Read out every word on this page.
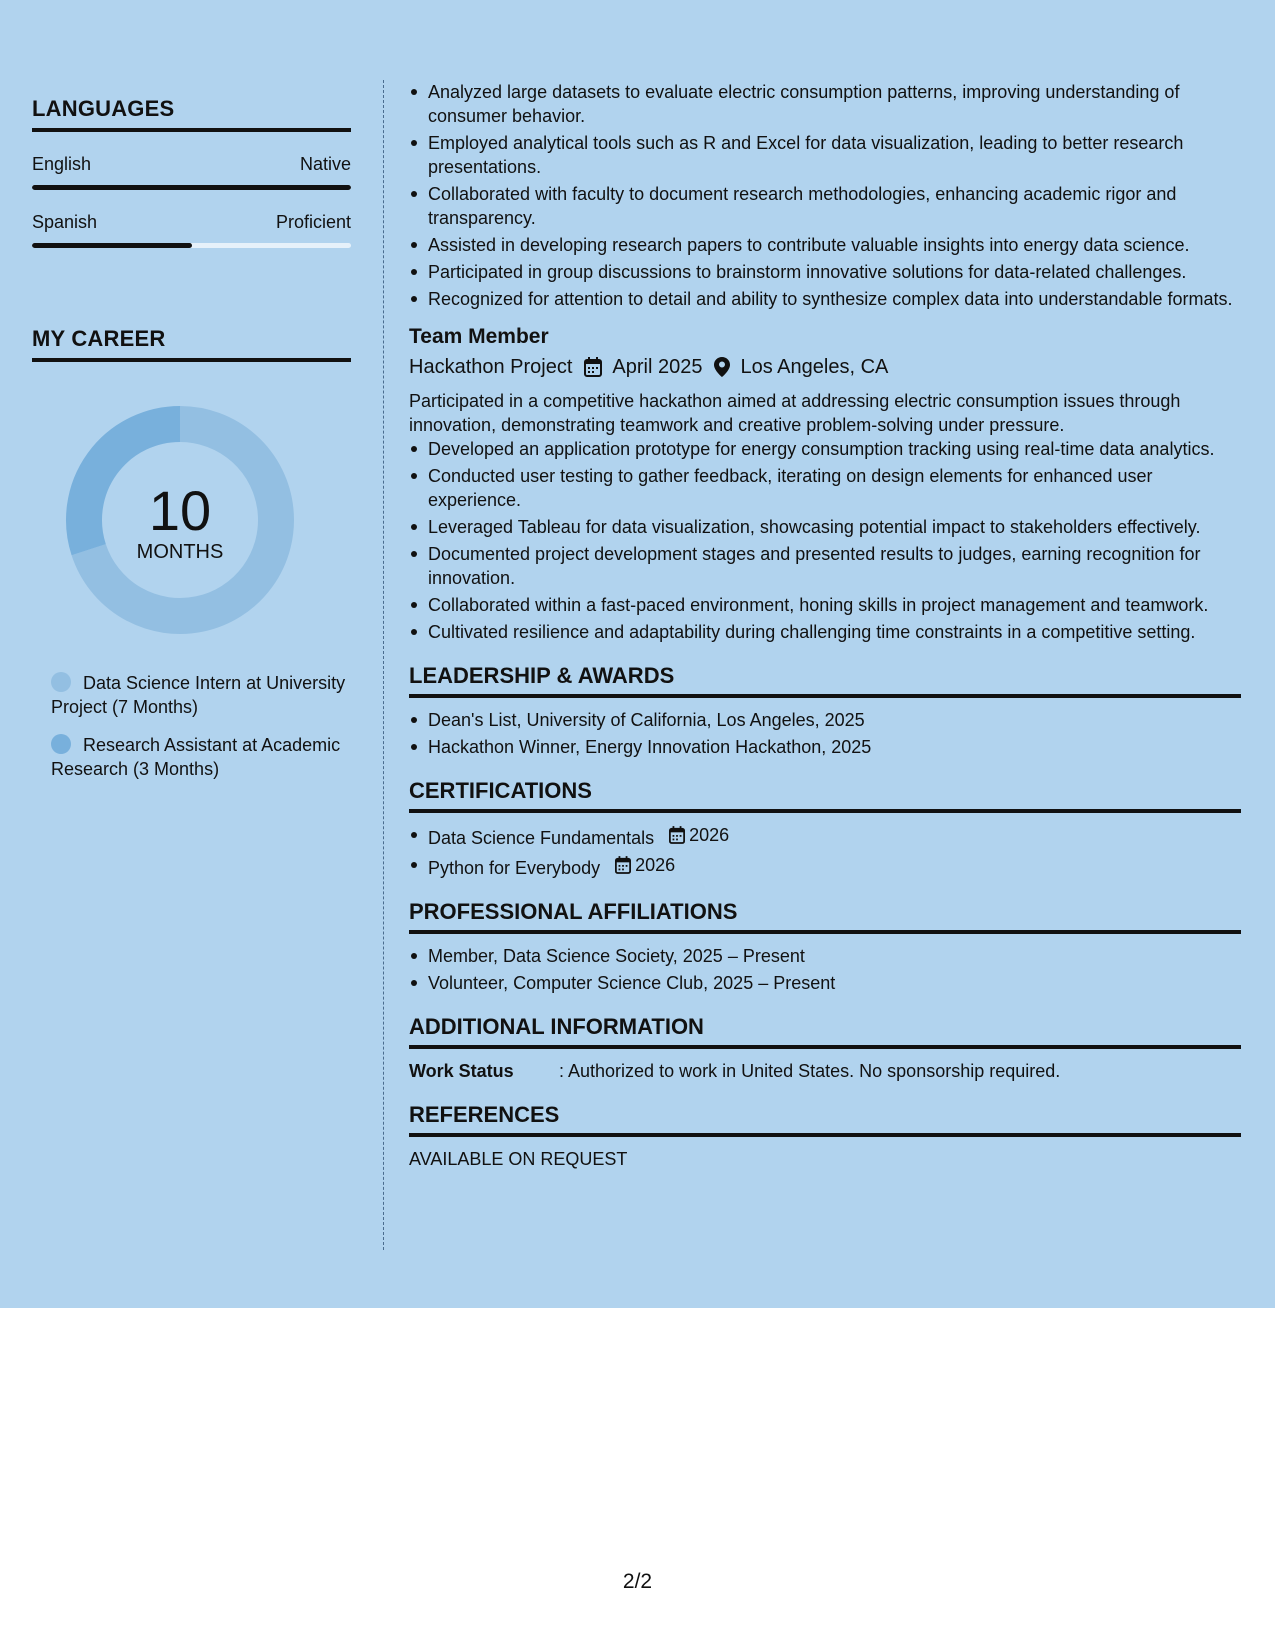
LANGUAGES
English	Native
Spanish	Proficient
MY CAREER
10
MONTHS
Data Science Intern at University Project (7 Months)
Research Assistant at Academic Research (3 Months)
Analyzed large datasets to evaluate electric consumption patterns, improving understanding of consumer behavior.
Employed analytical tools such as R and Excel for data visualization, leading to better research presentations.
Collaborated with faculty to document research methodologies, enhancing academic rigor and transparency.
Assisted in developing research papers to contribute valuable insights into energy data science.
Participated in group discussions to brainstorm innovative solutions for data-related challenges.
Recognized for attention to detail and ability to synthesize complex data into understandable formats.
Team Member
Hackathon Project April 2025 Los Angeles, CA
Participated in a competitive hackathon aimed at addressing electric consumption issues through innovation, demonstrating teamwork and creative problem-solving under pressure.
Developed an application prototype for energy consumption tracking using real-time data analytics.
Conducted user testing to gather feedback, iterating on design elements for enhanced user experience.
Leveraged Tableau for data visualization, showcasing potential impact to stakeholders effectively.
Documented project development stages and presented results to judges, earning recognition for innovation.
Collaborated within a fast-paced environment, honing skills in project management and teamwork.
Cultivated resilience and adaptability during challenging time constraints in a competitive setting.
LEADERSHIP & AWARDS
Dean's List, University of California, Los Angeles, 2025
Hackathon Winner, Energy Innovation Hackathon, 2025
CERTIFICATIONS
Data Science Fundamentals 2026
Python for Everybody 2026
PROFESSIONAL AFFILIATIONS
Member, Data Science Society, 2025 – Present
Volunteer, Computer Science Club, 2025 – Present
ADDITIONAL INFORMATION
Work Status	: Authorized to work in United States. No sponsorship required.
REFERENCES
AVAILABLE ON REQUEST
2/2
